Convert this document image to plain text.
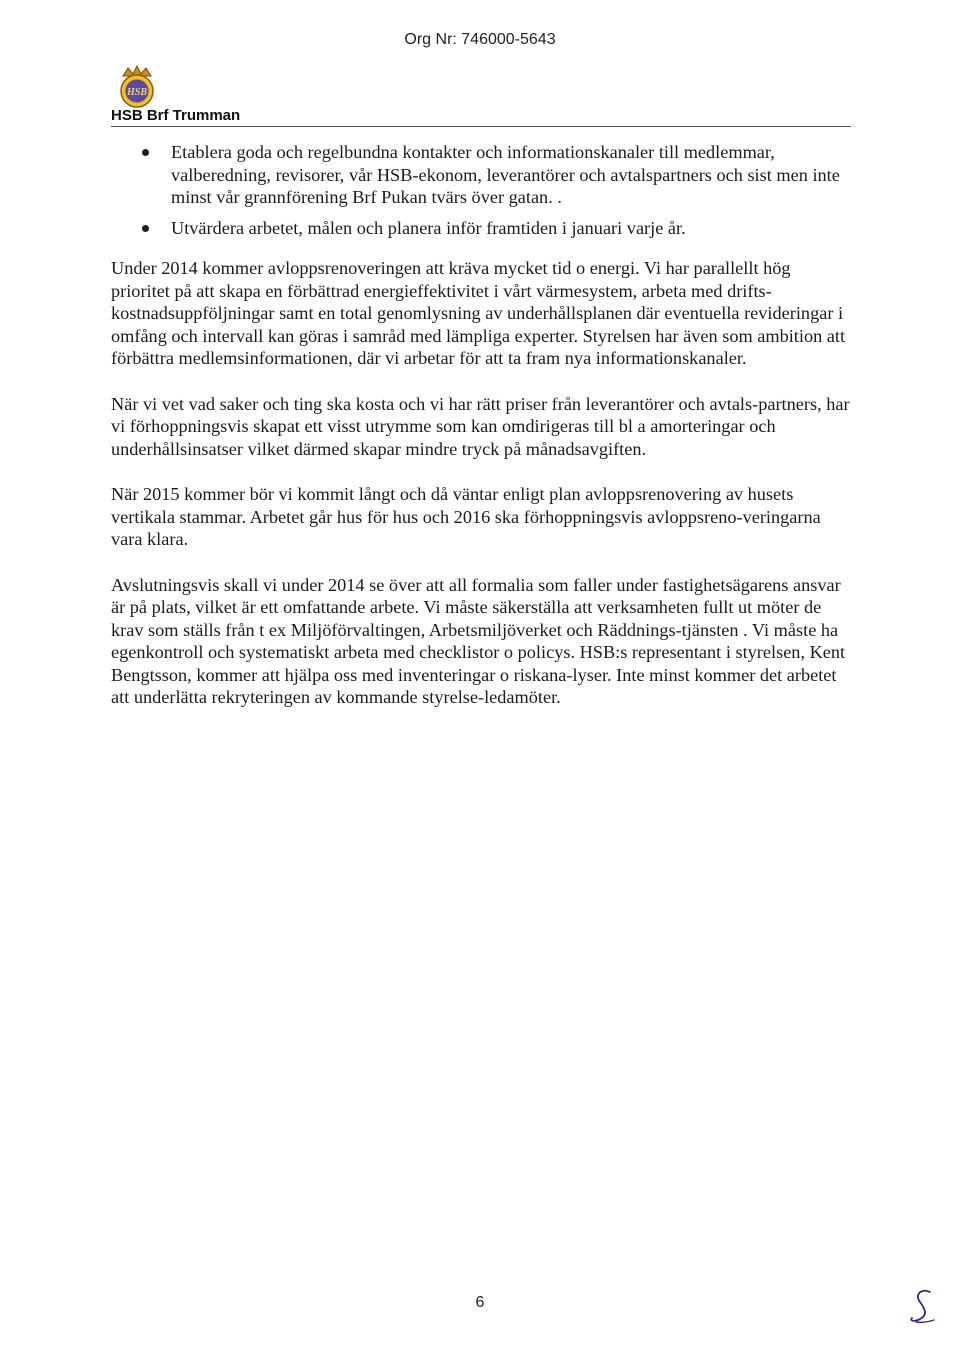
Org Nr: 746000-5643
HSB
HSB Brf Trumman
Etablera goda och regelbundna kontakter och informationskanaler till medlemmar, valberedning, revisorer, vår HSB-ekonom, leverantörer och avtalspartners och sist men inte minst vår grannförening Brf Pukan tvärs över gatan. .
Utvärdera arbetet, målen och planera inför framtiden i januari varje år.

Under 2014 kommer avloppsrenoveringen att kräva mycket tid o energi. Vi har parallellt hög prioritet på att skapa en förbättrad energieffektivitet i vårt värmesystem, arbeta med drifts-kostnadsuppföljningar samt en total genomlysning av underhållsplanen där eventuella revideringar i omfång och intervall kan göras i samråd med lämpliga experter. Styrelsen har även som ambition att förbättra medlemsinformationen, där vi arbetar för att ta fram nya informationskanaler.

När vi vet vad saker och ting ska kosta och vi har rätt priser från leverantörer och avtals-partners, har vi förhoppningsvis skapat ett visst utrymme som kan omdirigeras till bl a amorteringar och underhållsinsatser vilket därmed skapar mindre tryck på månadsavgiften.

När 2015 kommer bör vi kommit långt och då väntar enligt plan avloppsrenovering av husets vertikala stammar. Arbetet går hus för hus och 2016 ska förhoppningsvis avloppsreno-veringarna vara klara.

Avslutningsvis skall vi under 2014 se över att all formalia som faller under fastighetsägarens ansvar är på plats, vilket är ett omfattande arbete. Vi måste säkerställa att verksamheten fullt ut möter de krav som ställs från t ex Miljöförvaltingen, Arbetsmiljöverket och Räddnings-tjänsten . Vi måste ha egenkontroll och systematiskt arbeta med checklistor o policys. HSB:s representant i styrelsen, Kent Bengtsson, kommer att hjälpa oss med inventeringar o riskana-lyser. Inte minst kommer det arbetet att underlätta rekryteringen av kommande styrelse-ledamöter.

6
